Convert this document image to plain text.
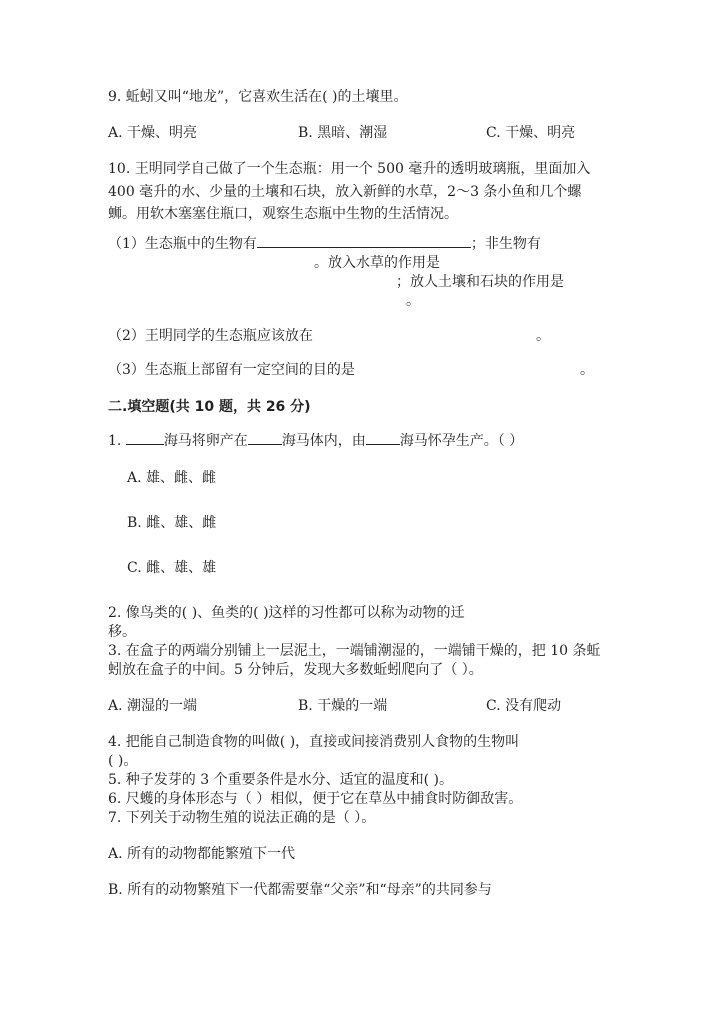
9. 蚯蚓又叫“地龙”，它喜欢生活在( )的土壤里。
A. 干燥、明亮	B. 黑暗、潮湿	C. 干燥、明亮
10. 王明同学自己做了一个生态瓶：用一个 500 毫升的透明玻璃瓶，里面加入
400 毫升的水、少量的土壤和石块，放入新鲜的水草，2～3 条小鱼和几个螺
蛳。用软木塞塞住瓶口，观察生态瓶中生物的生活情况。
（1）生态瓶中的生物有	；非生物有
。放入水草的作用是
；放人土壤和石块的作用是
。
（2）王明同学的生态瓶应该放在	。
（3）生态瓶上部留有一定空间的目的是	。
二.填空题(共 10 题，共 26 分)
1.	海马将卵产在 海马体内，由 海马怀孕生产。（ ）
A. 雄、雌、雌
B. 雌、雄、雌
C. 雌、雄、雄
2. 像鸟类的( )、鱼类的( )这样的习性都可以称为动物的迁
移。
3. 在盒子的两端分别铺上一层泥土，一端铺潮湿的，一端铺干燥的，把 10 条蚯
蚓放在盒子的中间。5 分钟后，发现大多数蚯蚓爬向了（ ）。
A. 潮湿的一端	B. 干燥的一端	C. 没有爬动
4. 把能自己制造食物的叫做( )，直接或间接消费别人食物的生物叫
( )。
5. 种子发芽的 3 个重要条件是水分、适宜的温度和( )。
6. 尺蠖的身体形态与（ ）相似，便于它在草丛中捕食时防御敌害。
7. 下列关于动物生殖的说法正确的是（ ）。
A. 所有的动物都能繁殖下一代
B. 所有的动物繁殖下一代都需要靠“父亲”和“母亲”的共同参与
